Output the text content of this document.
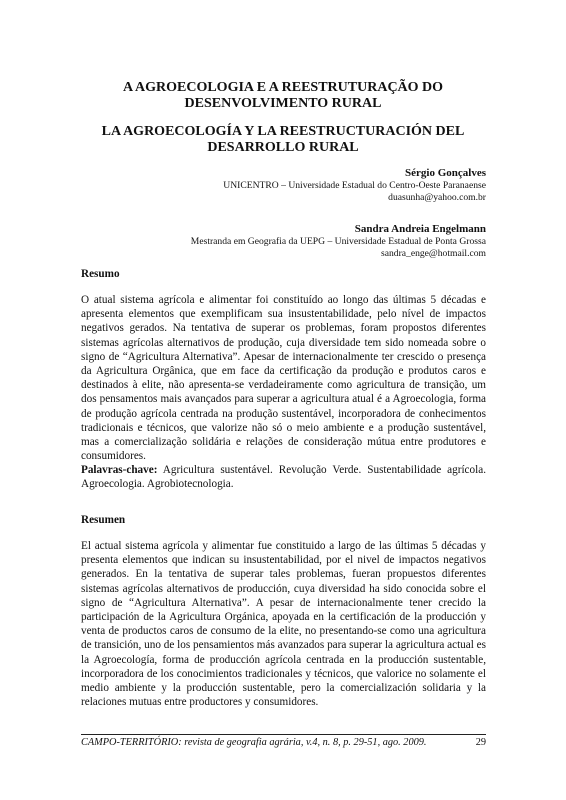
A AGROECOLOGIA E A REESTRUTURAÇÃO DO
DESENVOLVIMENTO RURAL
LA AGROECOLOGÍA Y LA REESTRUCTURACIÓN DEL
DESARROLLO RURAL
Sérgio Gonçalves
UNICENTRO – Universidade Estadual do Centro-Oeste Paranaense
duasunha@yahoo.com.br
Sandra Andreia Engelmann
Mestranda em Geografia da UEPG – Universidade Estadual de Ponta Grossa
sandra_enge@hotmail.com
Resumo

O atual sistema agrícola e alimentar foi constituído ao longo das últimas 5 décadas e apresenta elementos que exemplificam sua insustentabilidade, pelo nível de impactos negativos gerados. Na tentativa de superar os problemas, foram propostos diferentes sistemas agrícolas alternativos de produção, cuja diversidade tem sido nomeada sobre o signo de “Agricultura Alternativa”. Apesar de internacionalmente ter crescido o presença da Agricultura Orgânica, que em face da certificação da produção e produtos caros e destinados à elite, não apresenta-se verdadeiramente como agricultura de transição, um dos pensamentos mais avançados para superar a agricultura atual é a Agroecologia, forma de produção agrícola centrada na produção sustentável, incorporadora de conhecimentos tradicionais e técnicos, que valorize não só o meio ambiente e a produção sustentável, mas a comercialização solidária e relações de consideração mútua entre produtores e consumidores.

Palavras-chave: Agricultura sustentável. Revolução Verde. Sustentabilidade agrícola. Agroecologia. Agrobiotecnologia.

Resumen

El actual sistema agrícola y alimentar fue constituido a largo de las últimas 5 décadas y presenta elementos que indican su insustentabilidad, por el nivel de impactos negativos generados. En la tentativa de superar tales problemas, fueran propuestos diferentes sistemas agrícolas alternativos de producción, cuya diversidad ha sido conocida sobre el signo de “Agricultura Alternativa”. A pesar de internacionalmente tener crecido la participación de la Agricultura Orgánica, apoyada en la certificación de la producción y venta de productos caros de consumo de la elite, no presentando-se como una agricultura de transición, uno de los pensamientos más avanzados para superar la agricultura actual es la Agroecología, forma de producción agrícola centrada en la producción sustentable, incorporadora de los conocimientos tradicionales y técnicos, que valorice no solamente el medio ambiente y la producción sustentable, pero la comercialización solidaria y la relaciones mutuas entre productores y consumidores.

CAMPO-TERRITÓRIO: revista de geografia agrária, v.4, n. 8, p. 29-51, ago. 2009.	29
